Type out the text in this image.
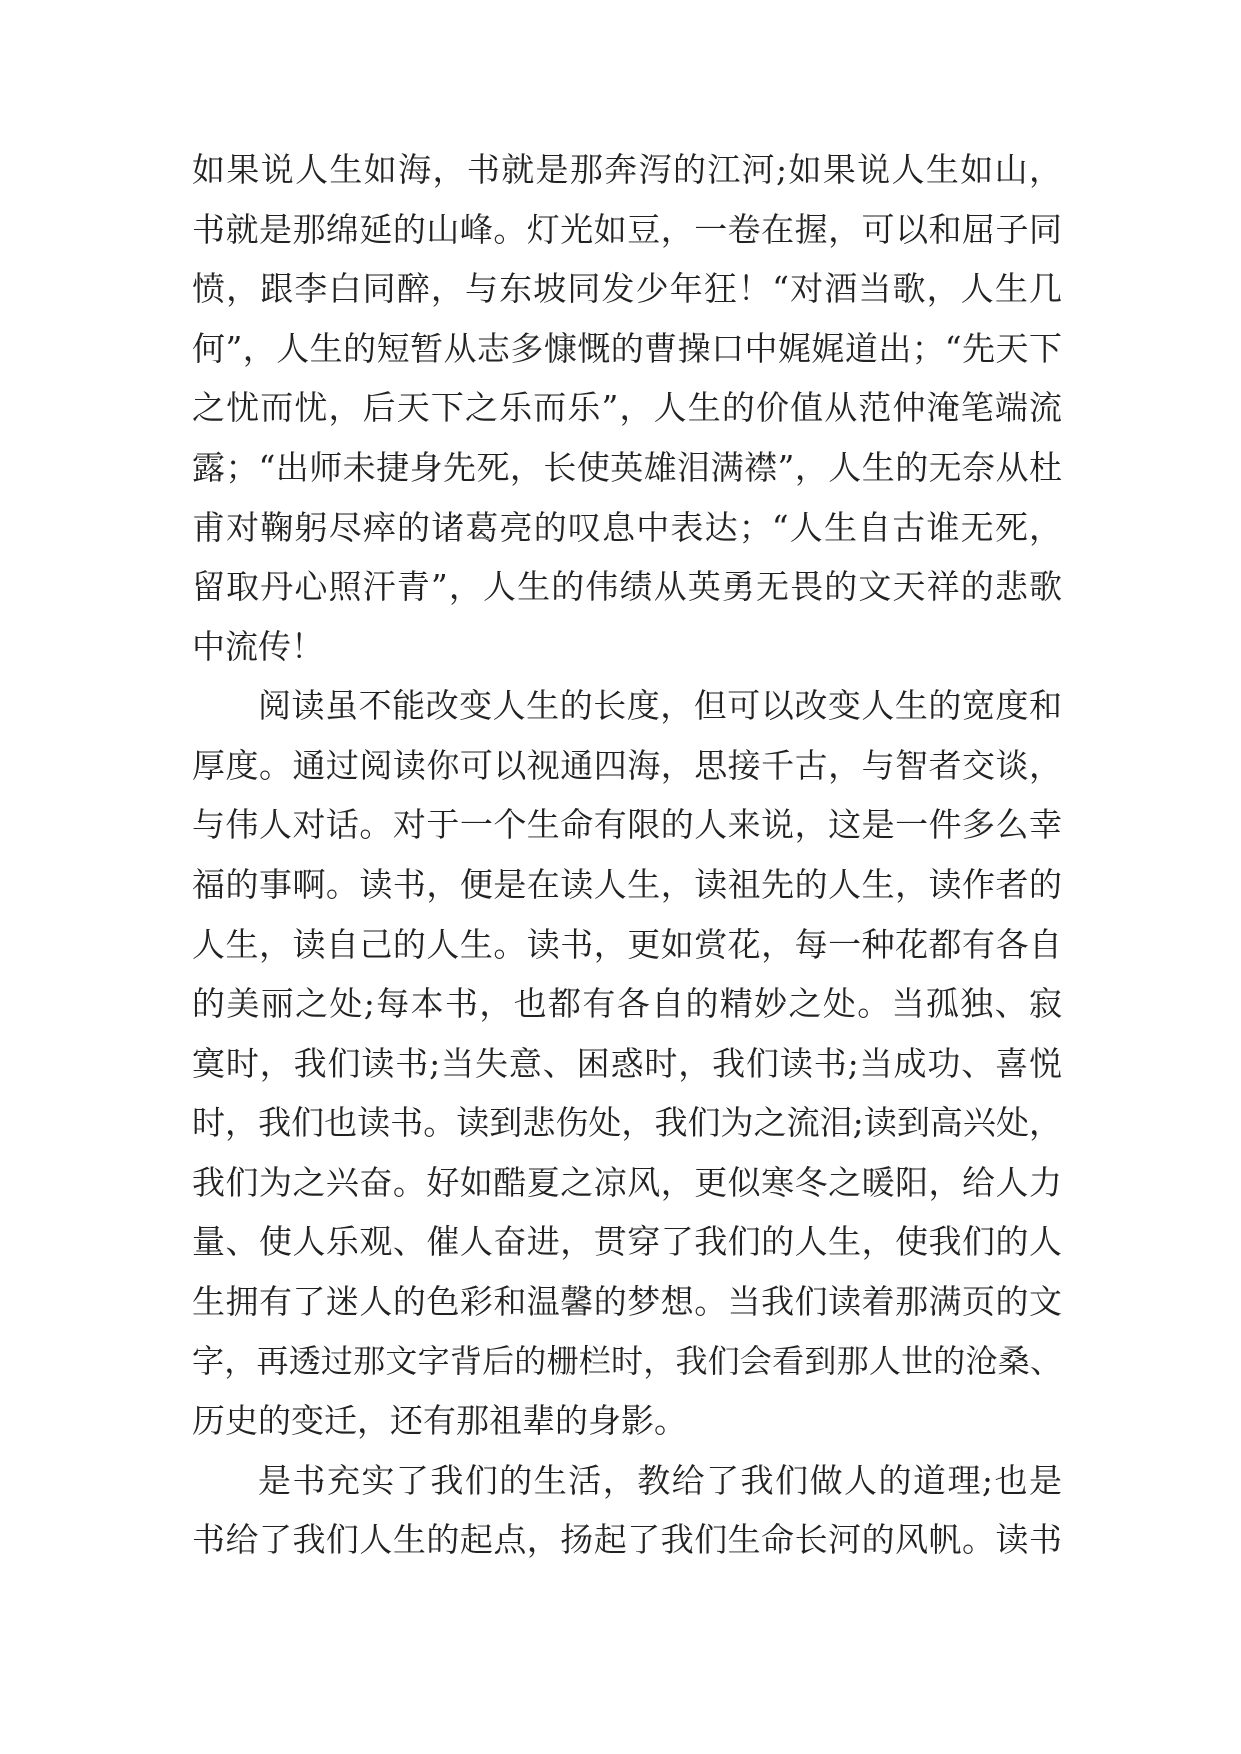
如果说人生如海，书就是那奔泻的江河;如果说人生如山，
书就是那绵延的山峰。灯光如豆，一卷在握，可以和屈子同
愤，跟李白同醉，与东坡同发少年狂！“对酒当歌，人生几
何”，人生的短暂从志多慷慨的曹操口中娓娓道出；“先天下
之忧而忧，后天下之乐而乐”，人生的价值从范仲淹笔端流
露；“出师未捷身先死，长使英雄泪满襟”，人生的无奈从杜
甫对鞠躬尽瘁的诸葛亮的叹息中表达；“人生自古谁无死，
留取丹心照汗青”，人生的伟绩从英勇无畏的文天祥的悲歌
中流传！
阅读虽不能改变人生的长度，但可以改变人生的宽度和
厚度。通过阅读你可以视通四海，思接千古，与智者交谈，
与伟人对话。对于一个生命有限的人来说，这是一件多么幸
福的事啊。读书，便是在读人生，读祖先的人生，读作者的
人生，读自己的人生。读书，更如赏花，每一种花都有各自
的美丽之处;每本书，也都有各自的精妙之处。当孤独、寂
寞时，我们读书;当失意、困惑时，我们读书;当成功、喜悦
时，我们也读书。读到悲伤处，我们为之流泪;读到高兴处，
我们为之兴奋。好如酷夏之凉风，更似寒冬之暖阳，给人力
量、使人乐观、催人奋进，贯穿了我们的人生，使我们的人
生拥有了迷人的色彩和温馨的梦想。当我们读着那满页的文
字，再透过那文字背后的栅栏时，我们会看到那人世的沧桑、
历史的变迁，还有那祖辈的身影。
是书充实了我们的生活，教给了我们做人的道理;也是
书给了我们人生的起点，扬起了我们生命长河的风帆。读书
